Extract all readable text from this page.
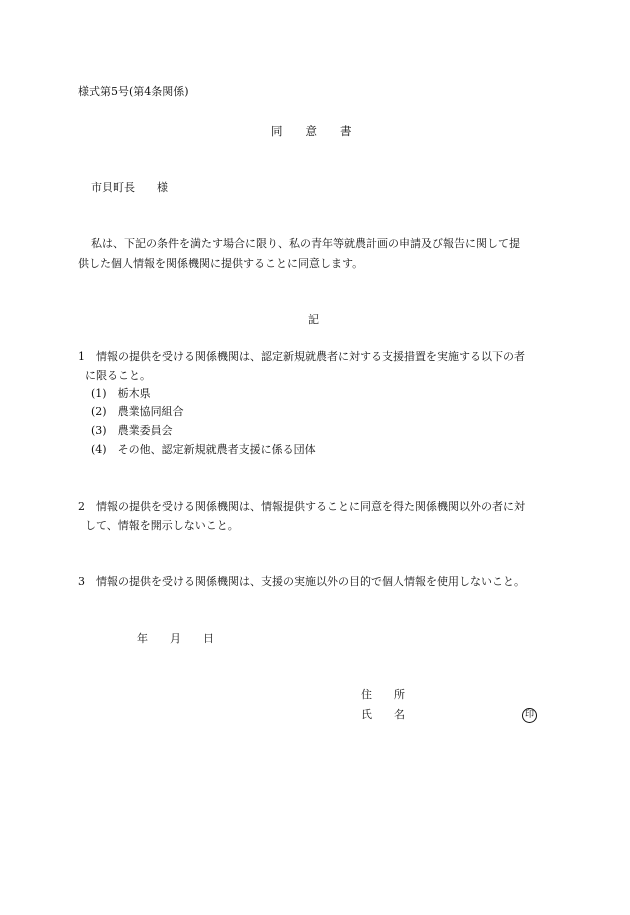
様式第5号(第4条関係)
同　　意　　書
市貝町長　　様
私は、下記の条件を満たす場合に限り、私の青年等就農計画の申請及び報告に関して提
供した個人情報を関係機関に提供することに同意します。
記
1　情報の提供を受ける関係機関は、認定新規就農者に対する支援措置を実施する以下の者
に限ること。
(1)　栃木県
(2)　農業協同組合
(3)　農業委員会
(4)　その他、認定新規就農者支援に係る団体
2　情報の提供を受ける関係機関は、情報提供することに同意を得た関係機関以外の者に対
して、情報を開示しないこと。
3　情報の提供を受ける関係機関は、支援の実施以外の目的で個人情報を使用しないこと。
年　　月　　日
住　　所
氏　　名	印
